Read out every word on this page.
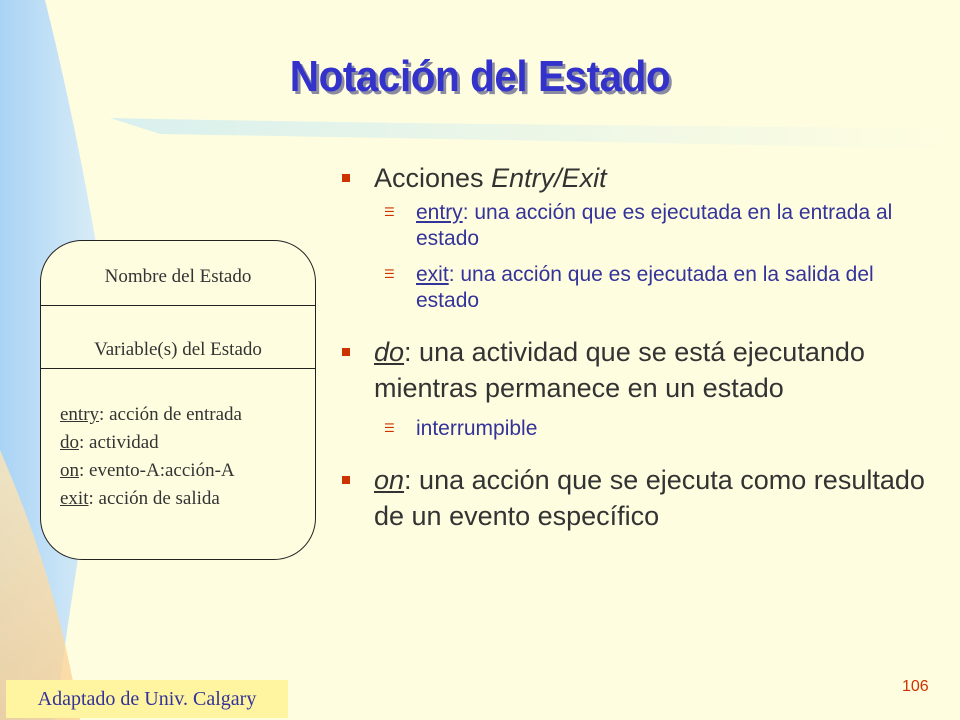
Notación del Estado
Acciones Entry/Exit
☰ entry: una acción que es ejecutada en la entrada al estado
☰ exit: una acción que es ejecutada en la salida del estado
do: una actividad que se está ejecutando mientras permanece en un estado
☰ interrumpible
on: una acción que se ejecuta como resultado de un evento específico
Nombre del Estado
Variable(s) del Estado
entry: acción de entrada
do: actividad
on: evento-A:acción-A
exit: acción de salida
Adaptado de Univ. Calgary
106
